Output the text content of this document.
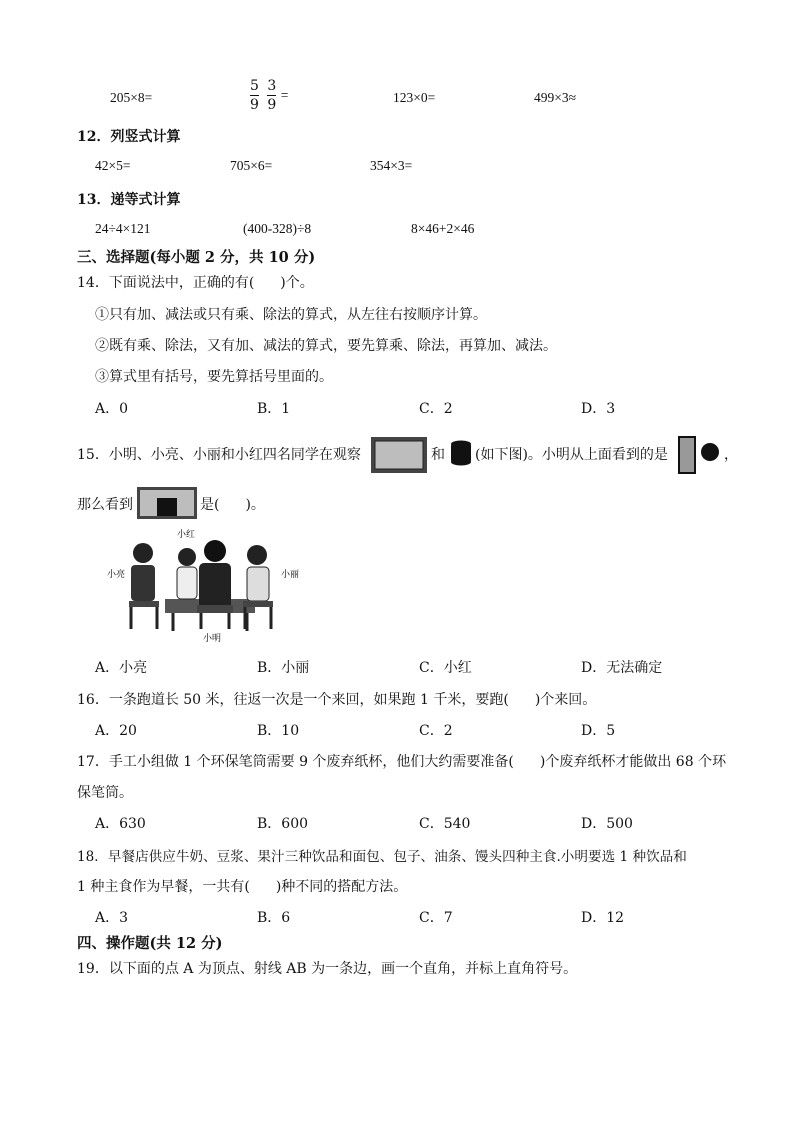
205×8=	$\frac{5}{9}$
$\frac{3}{9}$ =	123×0=	499×3≈
12．列竖式计算
42×5=	705×6=	354×3=
13．递等式计算
24÷4×121	(400-328)÷8	8×46+2×46
三、选择题(每小题 2 分，共 10 分)
14．下面说法中，正确的有( )个。
①只有加、减法或只有乘、除法的算式，从左往右按顺序计算。
②既有乘、除法，又有加、减法的算式，要先算乘、除法，再算加、减法。
③算式里有括号，要先算括号里面的。
A．0	B．1	C．2	D．3
15．小明、小亮、小丽和小红四名同学在观察	和 (如下图)。小明从上面看到的是	，
那么看到	是( )。
小红
小亮	小丽
小明
A．小亮	B．小丽	C．小红	D．无法确定
16．一条跑道长 50 米，往返一次是一个来回，如果跑 1 千米，要跑( )个来回。
A．20	B．10	C．2	D．5
17．手工小组做 1 个环保笔筒需要 9 个废弃纸杯，他们大约需要准备( )个废弃纸杯才能做出 68 个环
保笔筒。
A．630	B．600	C．540	D．500
18．早餐店供应牛奶、豆浆、果汁三种饮品和面包、包子、油条、馒头四种主食.小明要选 1 种饮品和
1 种主食作为早餐，一共有( )种不同的搭配方法。
A．3	B．6	C．7	D．12
四、操作题(共 12 分)
19．以下面的点 A 为顶点、射线 AB 为一条边，画一个直角，并标上直角符号。
